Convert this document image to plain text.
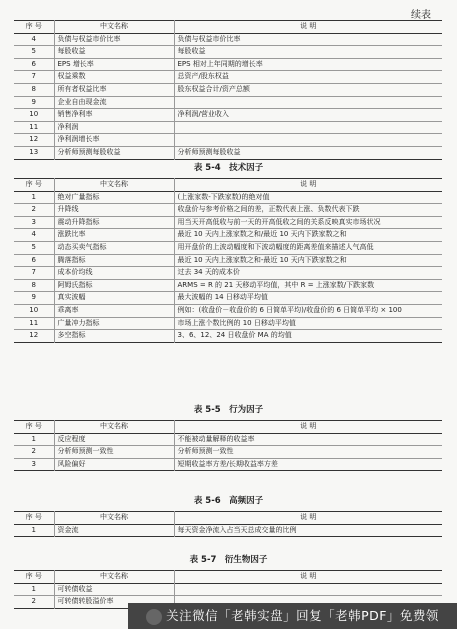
续表
序 号	中文名称	说 明
4	负债与权益市价比率	负债与权益市价比率
5	每股收益	每股收益
6	EPS 增长率	EPS 相对上年同期的增长率
7	权益乘数	总资产/股东权益
8	所有者权益比率	股东权益合计/资产总额
9	企业自由现金流	
10	销售净利率	净利润/营业收入
11	净利润	
12	净利润增长率	
13	分析师预测每股收益	分析师预测每股收益
表 5-4　技术因子
序 号	中文名称	说 明
1	绝对广量指标	(上涨家数-下跌家数)的绝对值
2	升降线	收盘价与参考价格之间的差，正数代表上涨、负数代表下跌
3	震动升降指标	用当天开高低收与前一天的开高低收之间的关系反映真实市场状况
4	涨跌比率	最近 10 天内上涨家数之和/最近 10 天内下跌家数之和
5	动态买卖气指标	用开盘价的上波动幅度和下波动幅度的距离差值来描述人气高低
6	腾落指标	最近 10 天内上涨家数之和-最近 10 天内下跌家数之和
7	成本价均线	过去 34 天的成本价
8	阿姆氏指标	ARMS = R 的 21 天移动平均值，其中 R = 上涨家数/下跌家数
9	真实波幅	最大波幅的 14 日移动平均值
10	乖离率	例如：(收盘价－收盘价的 6 日简单平均)/收盘价的 6 日简单平均 × 100
11	广量冲力指标	市场上涨个数比例的 10 日移动平均值
12	多空指标	3、6、12、24 日收盘价 MA 的均值
表 5-5　行为因子
序 号	中文名称	说 明
1	反应程度	不能被动量解释的收益率
2	分析师预测一致性	分析师预测一致性
3	风险偏好	短期收益率方差/长期收益率方差
表 5-6　高频因子
序 号	中文名称	说 明
1	资金流	每天资金净流入占当天总成交量的比例
表 5-7　衍生物因子
序 号	中文名称	说 明
1	可转债收益	
2	可转债转股溢价率	
关注微信「老韩实盘」回复「老韩PDF」免费领
